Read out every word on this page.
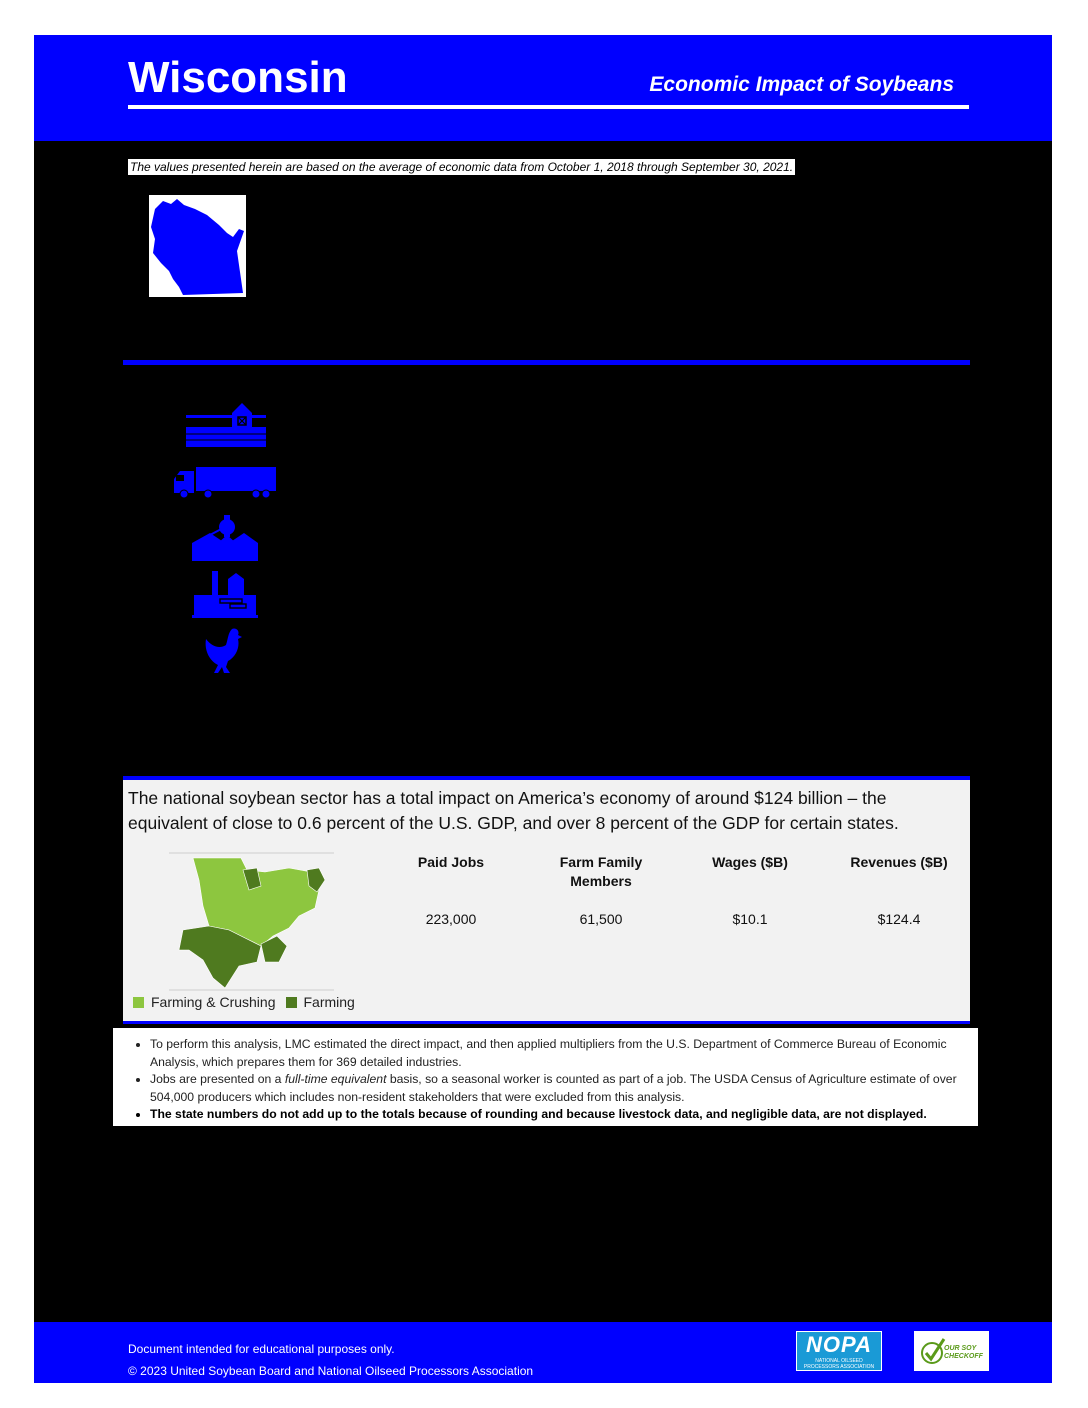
Wisconsin	Economic Impact of Soybeans
The values presented herein are based on the average of economic data from October 1, 2018 through September 30, 2021.
The national soybean sector has a total impact on America’s economy of around $124 billion – the equivalent of close to 0.6 percent of the U.S. GDP, and over 8 percent of the GDP for certain states.
Farming & Crushing Farming
Paid Jobs
223,000
Farm Family Members
61,500
Wages ($B)
$10.1
Revenues ($B)
$124.4
• To perform this analysis, LMC estimated the direct impact, and then applied multipliers from the U.S. Department of Commerce Bureau of Economic Analysis, which prepares them for 369 detailed industries.
• Jobs are presented on a full-time equivalent basis, so a seasonal worker is counted as part of a job. The USDA Census of Agriculture estimate of over 504,000 producers which includes non-resident stakeholders that were excluded from this analysis.
• The state numbers do not add up to the totals because of rounding and because livestock data, and negligible data, are not displayed.
Document intended for educational purposes only.
© 2023 United Soybean Board and National Oilseed Processors Association
NOPA
NATIONAL OILSEED PROCESSORS ASSOCIATION
OUR SOY CHECKOFF
